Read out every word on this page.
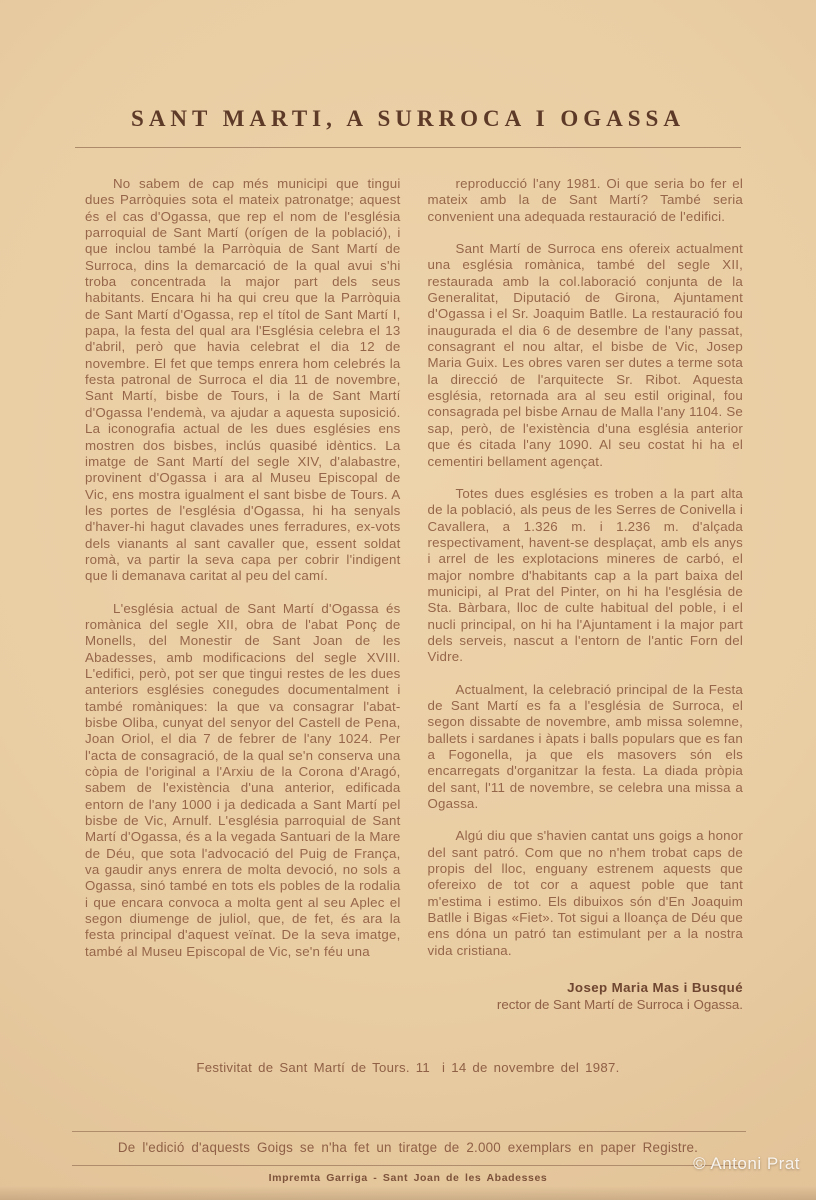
SANT MARTI, A SURROCA I OGASSA

No sabem de cap més municipi que tingui dues Parròquies sota el mateix patronatge; aquest és el cas d'Ogassa, que rep el nom de l'església parroquial de Sant Martí (orígen de la població), i que inclou també la Parròquia de Sant Martí de Surroca, dins la demarcació de la qual avui s'hi troba concentrada la major part dels seus habitants. Encara hi ha qui creu que la Parròquia de Sant Martí d'Ogassa, rep el títol de Sant Martí I, papa, la festa del qual ara l'Església celebra el 13 d'abril, però que havia celebrat el dia 12 de novembre. El fet que temps enrera hom celebrés la festa patronal de Surroca el dia 11 de novembre, Sant Martí, bisbe de Tours, i la de Sant Martí d'Ogassa l'endemà, va ajudar a aquesta suposició. La iconografia actual de les dues esglésies ens mostren dos bisbes, inclús quasibé idèntics. La imatge de Sant Martí del segle XIV, d'alabastre, provinent d'Ogassa i ara al Museu Episcopal de Vic, ens mostra igualment el sant bisbe de Tours. A les portes de l'església d'Ogassa, hi ha senyals d'haver-hi hagut clavades unes ferradures, ex-vots dels vianants al sant cavaller que, essent soldat romà, va partir la seva capa per cobrir l'indigent que li demanava caritat al peu del camí.

L'església actual de Sant Martí d'Ogassa és romànica del segle XII, obra de l'abat Ponç de Monells, del Monestir de Sant Joan de les Abadesses, amb modificacions del segle XVIII. L'edifici, però, pot ser que tingui restes de les dues anteriors esglésies conegudes documentalment i també romàniques: la que va consagrar l'abat-bisbe Oliba, cunyat del senyor del Castell de Pena, Joan Oriol, el dia 7 de febrer de l'any 1024. Per l'acta de consagració, de la qual se'n conserva una còpia de l'original a l'Arxiu de la Corona d'Aragó, sabem de l'existència d'una anterior, edificada entorn de l'any 1000 i ja dedicada a Sant Martí pel bisbe de Vic, Arnulf. L'església parroquial de Sant Martí d'Ogassa, és a la vegada Santuari de la Mare de Déu, que sota l'advocació del Puig de França, va gaudir anys enrera de molta devoció, no sols a Ogassa, sinó també en tots els pobles de la rodalia i que encara convoca a molta gent al seu Aplec el segon diumenge de juliol, que, de fet, és ara la festa principal d'aquest veïnat. De la seva imatge, també al Museu Episcopal de Vic, se'n féu una

reproducció l'any 1981. Oi que seria bo fer el mateix amb la de Sant Martí? També seria convenient una adequada restauració de l'edifici.

Sant Martí de Surroca ens ofereix actualment una església romànica, també del segle XII, restaurada amb la col.laboració conjunta de la Generalitat, Diputació de Girona, Ajuntament d'Ogassa i el Sr. Joaquim Batlle. La restauració fou inaugurada el dia 6 de desembre de l'any passat, consagrant el nou altar, el bisbe de Vic, Josep Maria Guix. Les obres varen ser dutes a terme sota la direcció de l'arquitecte Sr. Ribot. Aquesta església, retornada ara al seu estil original, fou consagrada pel bisbe Arnau de Malla l'any 1104. Se sap, però, de l'existència d'una església anterior que és citada l'any 1090. Al seu costat hi ha el cementiri bellament agençat.

Totes dues esglésies es troben a la part alta de la població, als peus de les Serres de Conivella i Cavallera, a 1.326 m. i 1.236 m. d'alçada respectivament, havent-se desplaçat, amb els anys i arrel de les explotacions mineres de carbó, el major nombre d'habitants cap a la part baixa del municipi, al Prat del Pinter, on hi ha l'església de Sta. Bàrbara, lloc de culte habitual del poble, i el nucli principal, on hi ha l'Ajuntament i la major part dels serveis, nascut a l'entorn de l'antic Forn del Vidre.

Actualment, la celebració principal de la Festa de Sant Martí es fa a l'església de Surroca, el segon dissabte de novembre, amb missa solemne, ballets i sardanes i àpats i balls populars que es fan a Fogonella, ja que els masovers són els encarregats d'organitzar la festa. La diada pròpia del sant, l'11 de novembre, se celebra una missa a Ogassa.

Algú diu que s'havien cantat uns goigs a honor del sant patró. Com que no n'hem trobat caps de propis del lloc, enguany estrenem aquests que ofereixo de tot cor a aquest poble que tant m'estima i estimo. Els dibuixos són d'En Joaquim Batlle i Bigas «Fiet». Tot sigui a lloança de Déu que ens dóna un patró tan estimulant per a la nostra vida cristiana.

Josep Maria Mas i Busqué
rector de Sant Martí de Surroca i Ogassa.
Festivitat de Sant Martí de Tours. 11  i 14 de novembre del 1987.
De l'edició d'aquests Goigs se n'ha fet un tiratge de 2.000 exemplars en paper Registre.
Impremta Garriga - Sant Joan de les Abadesses
© Antoni Prat
